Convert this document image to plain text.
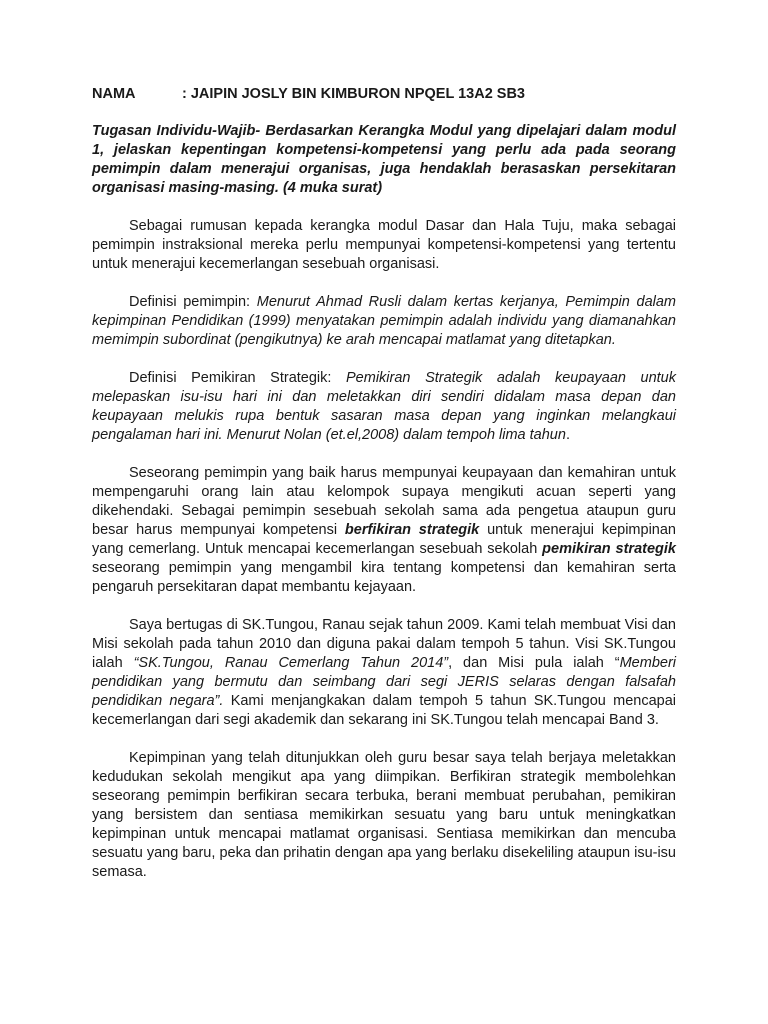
NAMA	: JAIPIN JOSLY BIN KIMBURON NPQEL 13A2 SB3
Tugasan Individu-Wajib- Berdasarkan Kerangka Modul yang dipelajari dalam modul 1, jelaskan kepentingan kompetensi-kompetensi yang perlu ada pada seorang pemimpin dalam menerajui organisas, juga hendaklah berasaskan persekitaran organisasi masing-masing. (4 muka surat)

Sebagai rumusan kepada kerangka modul Dasar dan Hala Tuju, maka sebagai pemimpin instraksional mereka perlu mempunyai kompetensi-kompetensi yang tertentu untuk menerajui kecemerlangan sesebuah organisasi.

Definisi pemimpin: Menurut Ahmad Rusli dalam kertas kerjanya, Pemimpin dalam kepimpinan Pendidikan (1999) menyatakan pemimpin adalah individu yang diamanahkan memimpin subordinat (pengikutnya) ke arah mencapai matlamat yang ditetapkan.

Definisi Pemikiran Strategik: Pemikiran Strategik adalah keupayaan untuk melepaskan isu-isu hari ini dan meletakkan diri sendiri didalam masa depan dan keupayaan melukis rupa bentuk sasaran masa depan yang inginkan melangkaui pengalaman hari ini. Menurut Nolan (et.el,2008) dalam tempoh lima tahun.

Seseorang pemimpin yang baik harus mempunyai keupayaan dan kemahiran untuk mempengaruhi orang lain atau kelompok supaya mengikuti acuan seperti yang dikehendaki. Sebagai pemimpin sesebuah sekolah sama ada pengetua ataupun guru besar harus mempunyai kompetensi berfikiran strategik untuk menerajui kepimpinan yang cemerlang. Untuk mencapai kecemerlangan sesebuah sekolah pemikiran strategik seseorang pemimpin yang mengambil kira tentang kompetensi dan kemahiran serta pengaruh persekitaran dapat membantu kejayaan.

Saya bertugas di SK.Tungou, Ranau sejak tahun 2009. Kami telah membuat Visi dan Misi sekolah pada tahun 2010 dan diguna pakai dalam tempoh 5 tahun. Visi SK.Tungou ialah “SK.Tungou, Ranau Cemerlang Tahun 2014”, dan Misi pula ialah “Memberi pendidikan yang bermutu dan seimbang dari segi JERIS selaras dengan falsafah pendidikan negara”. Kami menjangkakan dalam tempoh 5 tahun SK.Tungou mencapai kecemerlangan dari segi akademik dan sekarang ini SK.Tungou telah mencapai Band 3.

Kepimpinan yang telah ditunjukkan oleh guru besar saya telah berjaya meletakkan kedudukan sekolah mengikut apa yang diimpikan. Berfikiran strategik membolehkan seseorang pemimpin berfikiran secara terbuka, berani membuat perubahan, pemikiran yang bersistem dan sentiasa memikirkan sesuatu yang baru untuk meningkatkan kepimpinan untuk mencapai matlamat organisasi. Sentiasa memikirkan dan mencuba sesuatu yang baru, peka dan prihatin dengan apa yang berlaku disekeliling ataupun isu-isu semasa.
